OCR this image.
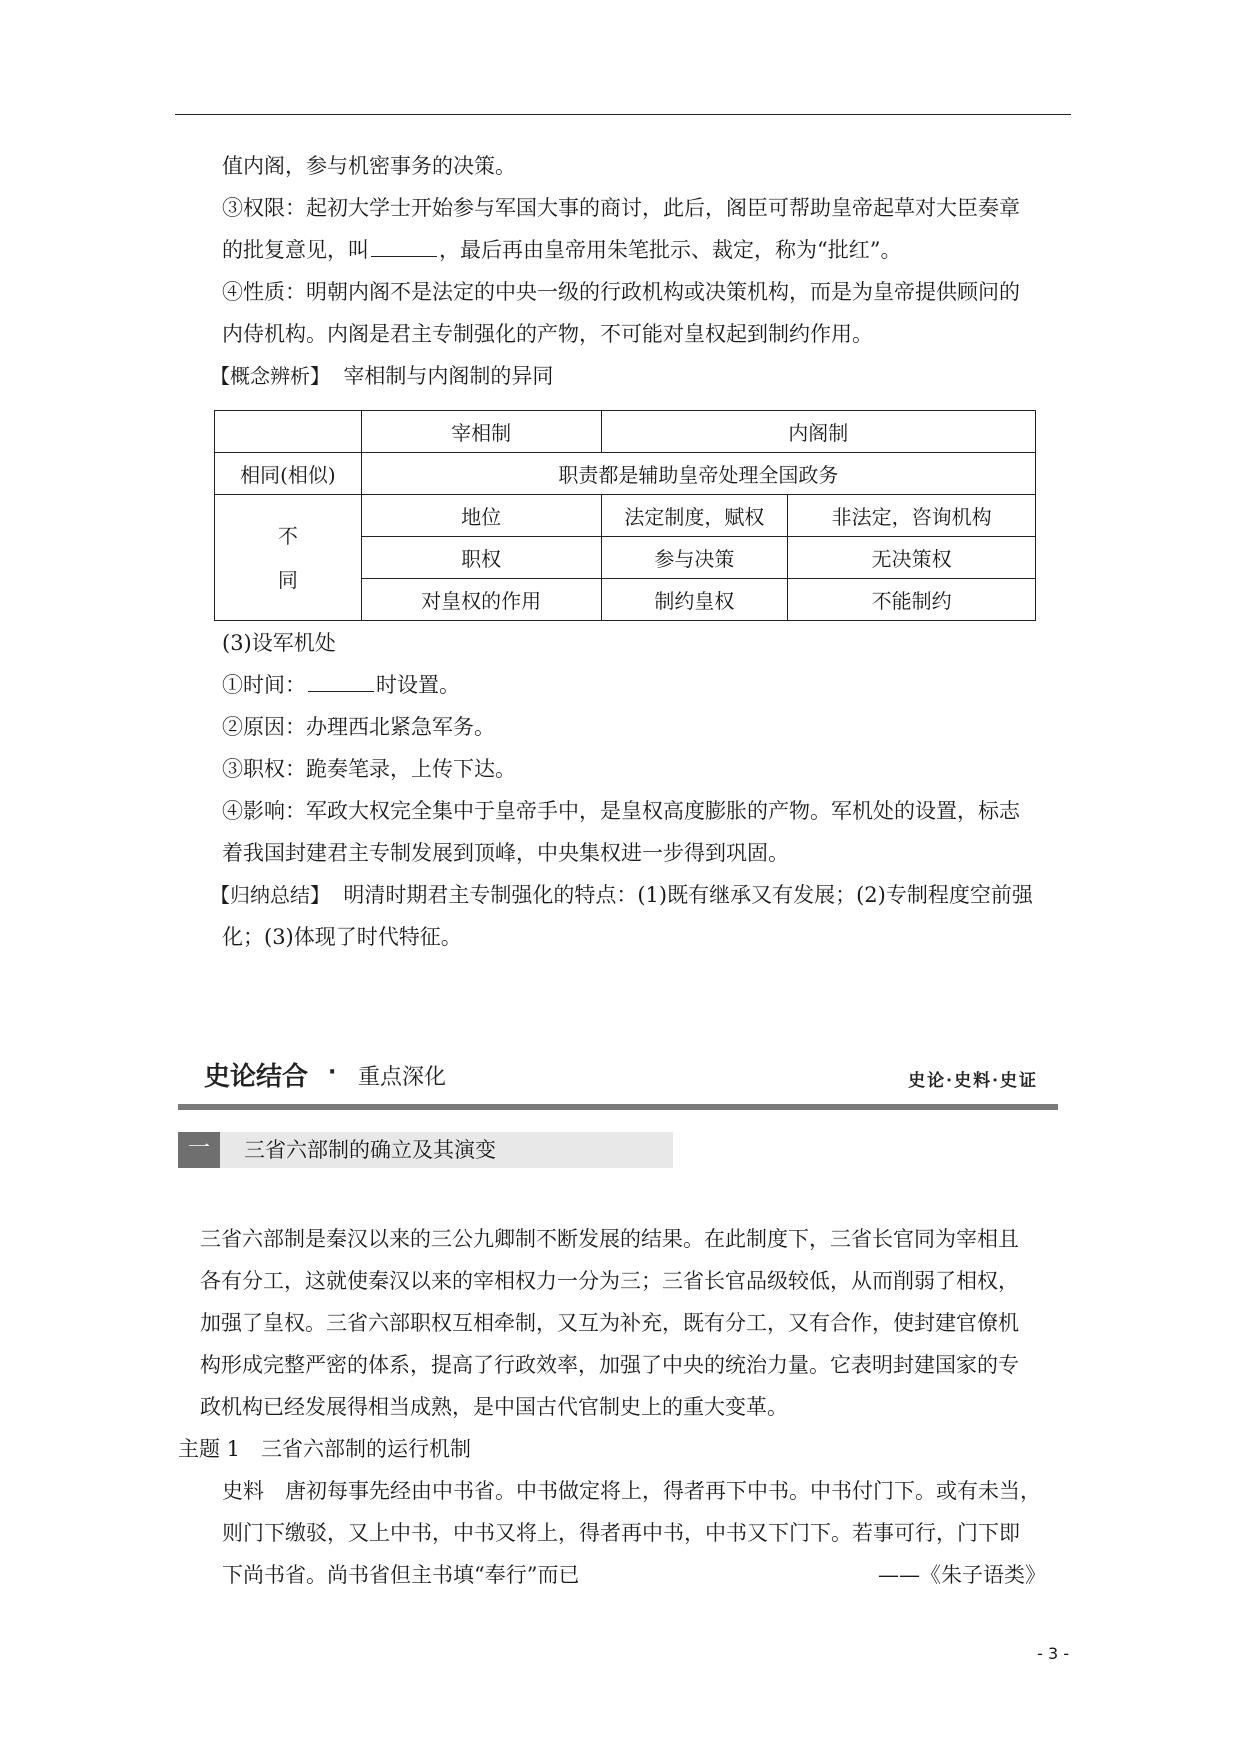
值内阁，参与机密事务的决策。
③权限：起初大学士开始参与军国大事的商讨，此后，阁臣可帮助皇帝起草对大臣奏章
的批复意见，叫	，最后再由皇帝用朱笔批示、裁定，称为“批红”。
④性质：明朝内阁不是法定的中央一级的行政机构或决策机构，而是为皇帝提供顾问的
内侍机构。内阁是君主专制强化的产物，不可能对皇权起到制约作用。
【概念辨析】 宰相制与内阁制的异同
	宰相制	内阁制	
相同(相似)	职责都是辅助皇帝处理全国政务		
不
同	地位	法定制度，赋权	非法定，咨询机构
	职权	参与决策	无决策权
	对皇权的作用	制约皇权	不能制约
(3)设军机处
①时间：	时设置。
②原因：办理西北紧急军务。
③职权：跪奏笔录，上传下达。
④影响：军政大权完全集中于皇帝手中，是皇权高度膨胀的产物。军机处的设置，标志
着我国封建君主专制发展到顶峰，中央集权进一步得到巩固。
【归纳总结】 明清时期君主专制强化的特点：(1)既有继承又有发展；(2)专制程度空前强
化；(3)体现了时代特征。
史论结合 · 重点深化	史论·史料·史证
一	三省六部制的确立及其演变
三省六部制是秦汉以来的三公九卿制不断发展的结果。在此制度下，三省长官同为宰相且
各有分工，这就使秦汉以来的宰相权力一分为三；三省长官品级较低，从而削弱了相权，
加强了皇权。三省六部职权互相牵制，又互为补充，既有分工，又有合作，使封建官僚机
构形成完整严密的体系，提高了行政效率，加强了中央的统治力量。它表明封建国家的专
政机构已经发展得相当成熟，是中国古代官制史上的重大变革。
主题 1　三省六部制的运行机制
史料　唐初每事先经由中书省。中书做定将上，得者再下中书。中书付门下。或有未当，
则门下缴驳，又上中书，中书又将上，得者再中书，中书又下门下。若事可行，门下即
下尚书省。尚书省但主书填“奉行”而已	——《朱子语类》
- 3 -
